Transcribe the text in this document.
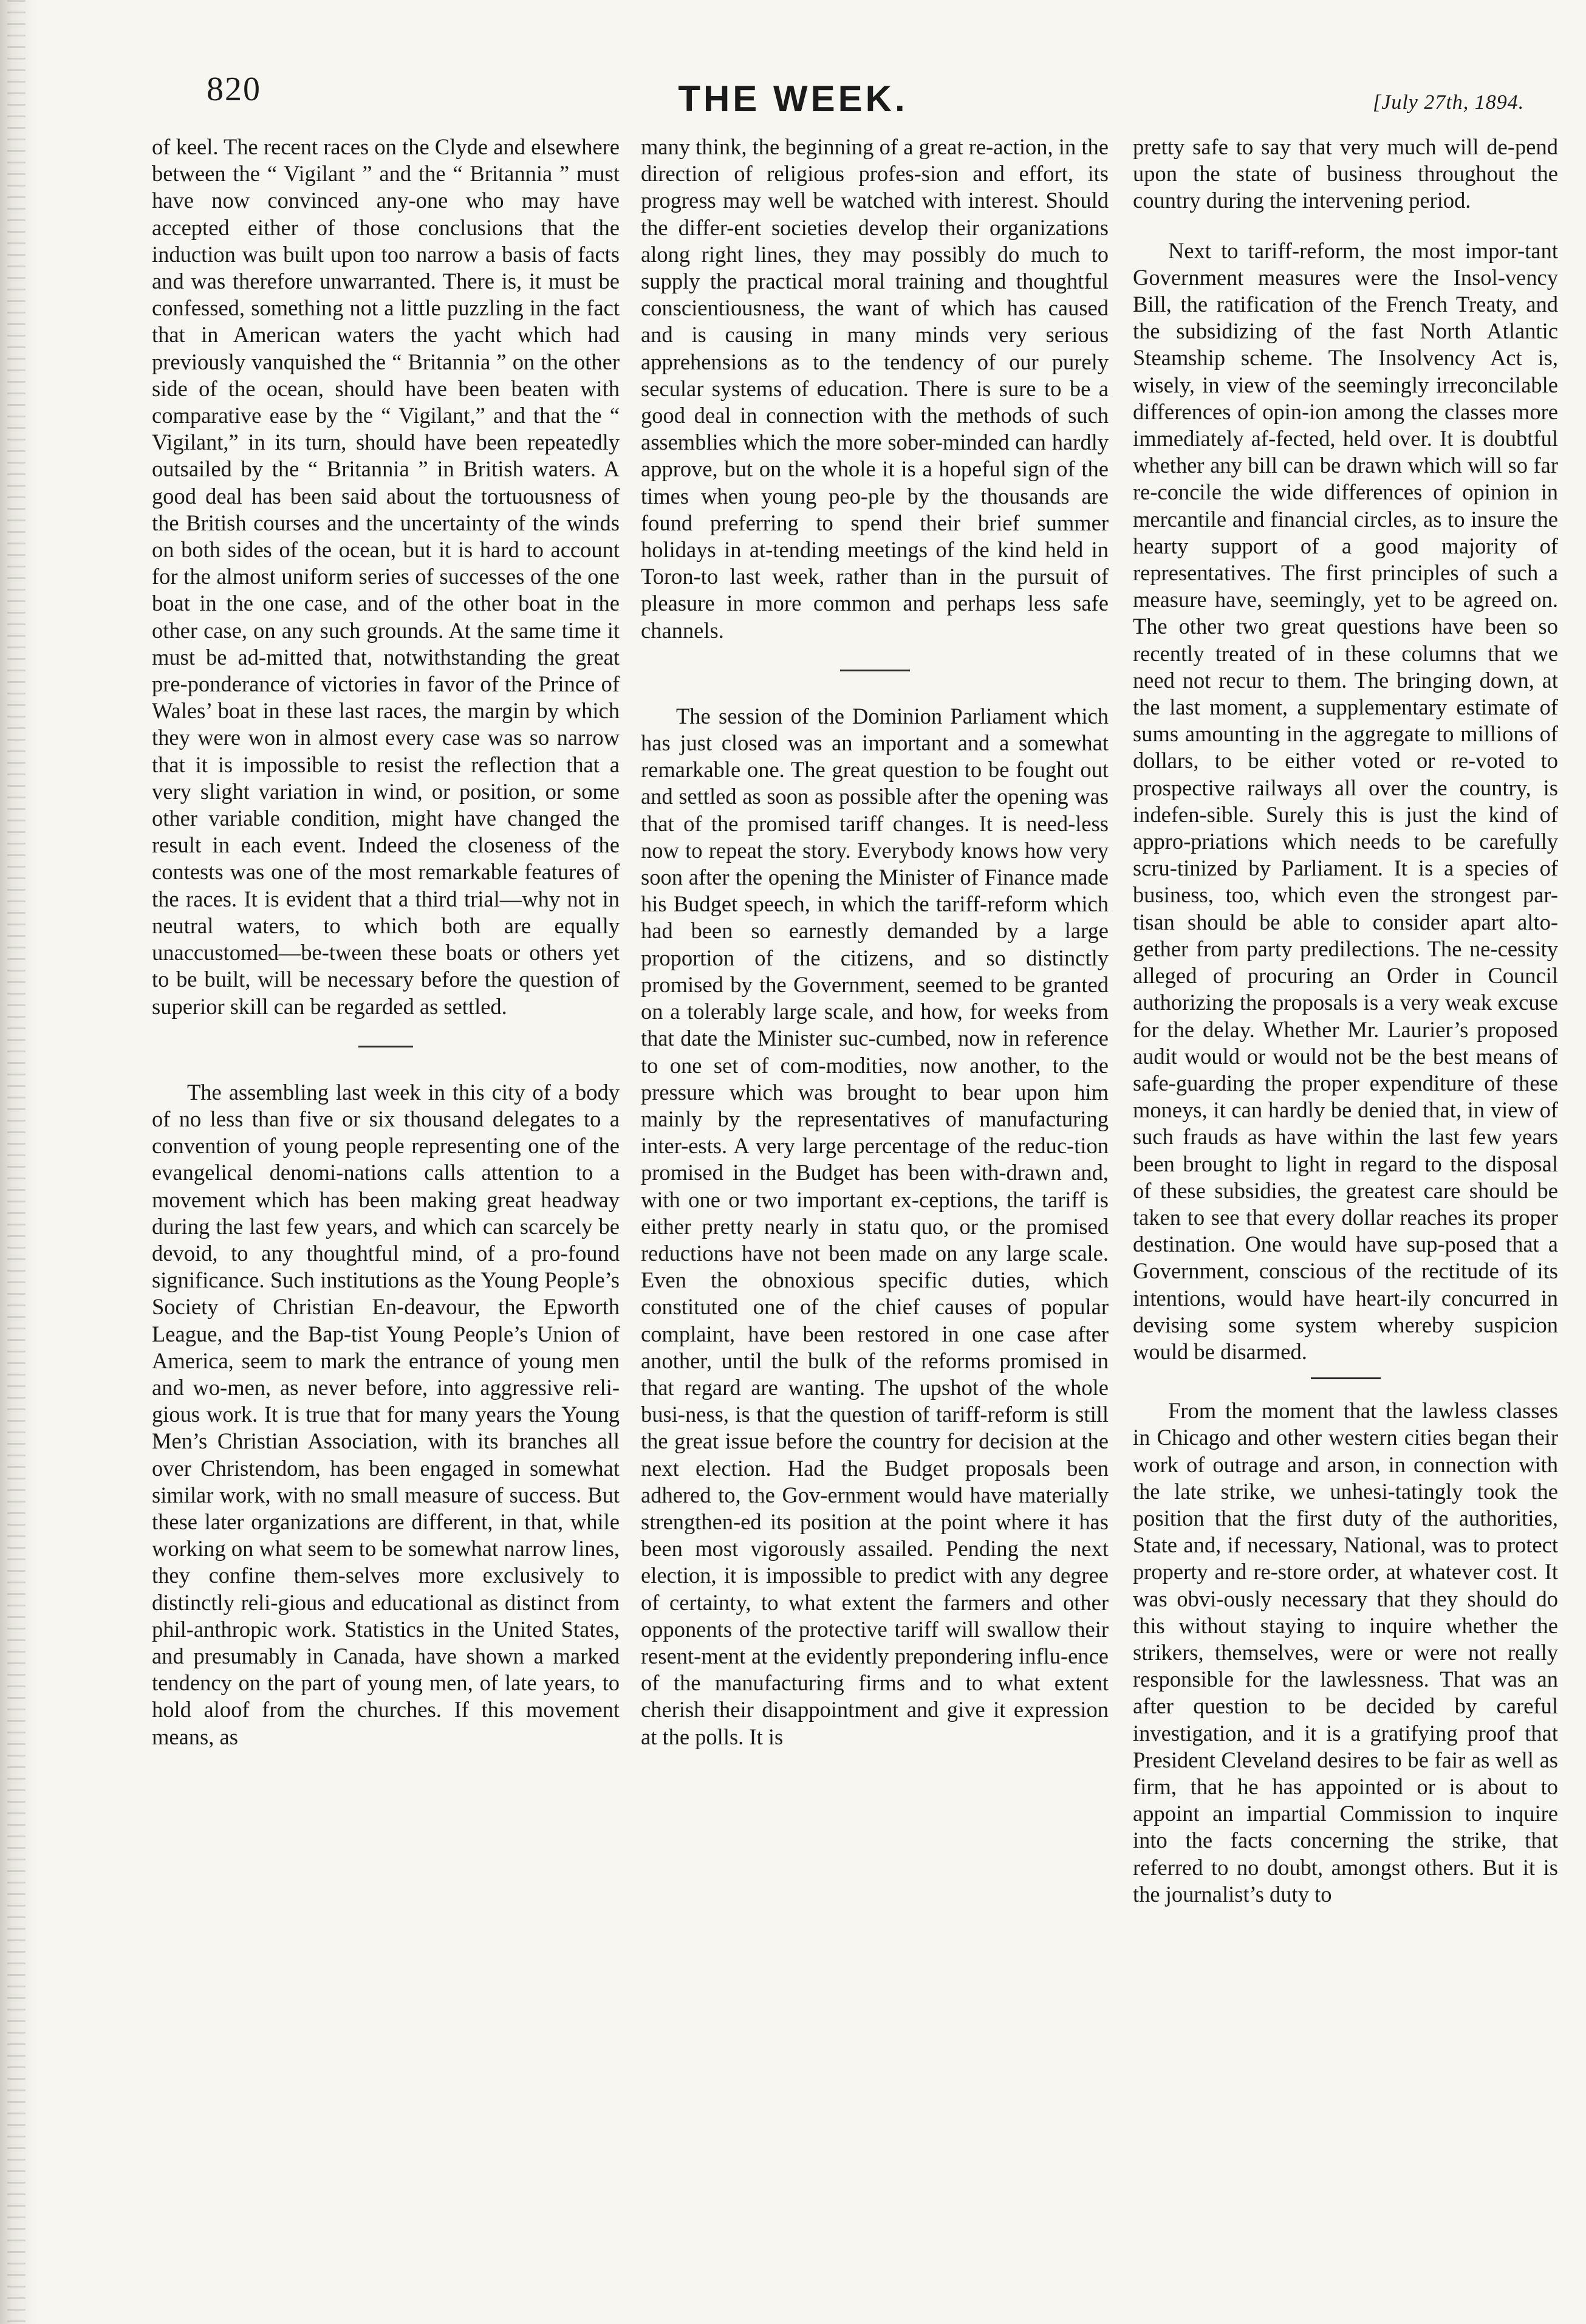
820	THE WEEK.	[July 27th, 1894.

of keel. The recent races on the Clyde and elsewhere between the “ Vigilant ” and the “ Britannia ” must have now convinced any-one who may have accepted either of those conclusions that the induction was built upon too narrow a basis of facts and was therefore unwarranted. There is, it must be confessed, something not a little puzzling in the fact that in American waters the yacht which had previously vanquished the “ Britannia ” on the other side of the ocean, should have been beaten with comparative ease by the “ Vigilant,” and that the “ Vigilant,” in its turn, should have been repeatedly outsailed by the “ Britannia ” in British waters. A good deal has been said about the tortuousness of the British courses and the uncertainty of the winds on both sides of the ocean, but it is hard to account for the almost uniform series of successes of the one boat in the one case, and of the other boat in the other case, on any such grounds. At the same time it must be ad-mitted that, notwithstanding the great pre-ponderance of victories in favor of the Prince of Wales’ boat in these last races, the margin by which they were won in almost every case was so narrow that it is impossible to resist the reflection that a very slight variation in wind, or position, or some other variable condition, might have changed the result in each event. Indeed the closeness of the contests was one of the most remarkable features of the races. It is evident that a third trial—why not in neutral waters, to which both are equally unaccustomed—be-tween these boats or others yet to be built, will be necessary before the question of superior skill can be regarded as settled.

The assembling last week in this city of a body of no less than five or six thousand delegates to a convention of young people representing one of the evangelical denomi-nations calls attention to a movement which has been making great headway during the last few years, and which can scarcely be devoid, to any thoughtful mind, of a pro-found significance. Such institutions as the Young People’s Society of Christian En-deavour, the Epworth League, and the Bap-tist Young People’s Union of America, seem to mark the entrance of young men and wo-men, as never before, into aggressive reli-gious work. It is true that for many years the Young Men’s Christian Association, with its branches all over Christendom, has been engaged in somewhat similar work, with no small measure of success. But these later organizations are different, in that, while working on what seem to be somewhat narrow lines, they confine them-selves more exclusively to distinctly reli-gious and educational as distinct from phil-anthropic work. Statistics in the United States, and presumably in Canada, have shown a marked tendency on the part of young men, of late years, to hold aloof from the churches. If this movement means, as

many think, the beginning of a great re-action, in the direction of religious profes-sion and effort, its progress may well be watched with interest. Should the differ-ent societies develop their organizations along right lines, they may possibly do much to supply the practical moral training and thoughtful conscientiousness, the want of which has caused and is causing in many minds very serious apprehensions as to the tendency of our purely secular systems of education. There is sure to be a good deal in connection with the methods of such assemblies which the more sober-minded can hardly approve, but on the whole it is a hopeful sign of the times when young peo-ple by the thousands are found preferring to spend their brief summer holidays in at-tending meetings of the kind held in Toron-to last week, rather than in the pursuit of pleasure in more common and perhaps less safe channels.

The session of the Dominion Parliament which has just closed was an important and a somewhat remarkable one. The great question to be fought out and settled as soon as possible after the opening was that of the promised tariff changes. It is need-less now to repeat the story. Everybody knows how very soon after the opening the Minister of Finance made his Budget speech, in which the tariff-reform which had been so earnestly demanded by a large proportion of the citizens, and so distinctly promised by the Government, seemed to be granted on a tolerably large scale, and how, for weeks from that date the Minister suc-cumbed, now in reference to one set of com-modities, now another, to the pressure which was brought to bear upon him mainly by the representatives of manufacturing inter-ests. A very large percentage of the reduc-tion promised in the Budget has been with-drawn and, with one or two important ex-ceptions, the tariff is either pretty nearly in statu quo, or the promised reductions have not been made on any large scale. Even the obnoxious specific duties, which constituted one of the chief causes of popular complaint, have been restored in one case after another, until the bulk of the reforms promised in that regard are wanting. The upshot of the whole busi-ness, is that the question of tariff-reform is still the great issue before the country for decision at the next election. Had the Budget proposals been adhered to, the Gov-ernment would have materially strengthen-ed its position at the point where it has been most vigorously assailed. Pending the next election, it is impossible to predict with any degree of certainty, to what extent the farmers and other opponents of the protective tariff will swallow their resent-ment at the evidently prepondering influ-ence of the manufacturing firms and to what extent cherish their disappointment and give it expression at the polls. It is

pretty safe to say that very much will de-pend upon the state of business throughout the country during the intervening period.

Next to tariff-reform, the most impor-tant Government measures were the Insol-vency Bill, the ratification of the French Treaty, and the subsidizing of the fast North Atlantic Steamship scheme. The Insolvency Act is, wisely, in view of the seemingly irreconcilable differences of opin-ion among the classes more immediately af-fected, held over. It is doubtful whether any bill can be drawn which will so far re-concile the wide differences of opinion in mercantile and financial circles, as to insure the hearty support of a good majority of representatives. The first principles of such a measure have, seemingly, yet to be agreed on. The other two great questions have been so recently treated of in these columns that we need not recur to them. The bringing down, at the last moment, a supplementary estimate of sums amounting in the aggregate to millions of dollars, to be either voted or re-voted to prospective railways all over the country, is indefen-sible. Surely this is just the kind of appro-priations which needs to be carefully scru-tinized by Parliament. It is a species of business, too, which even the strongest par-tisan should be able to consider apart alto-gether from party predilections. The ne-cessity alleged of procuring an Order in Council authorizing the proposals is a very weak excuse for the delay. Whether Mr. Laurier’s proposed audit would or would not be the best means of safe-guarding the proper expenditure of these moneys, it can hardly be denied that, in view of such frauds as have within the last few years been brought to light in regard to the disposal of these subsidies, the greatest care should be taken to see that every dollar reaches its proper destination. One would have sup-posed that a Government, conscious of the rectitude of its intentions, would have heart-ily concurred in devising some system whereby suspicion would be disarmed.

From the moment that the lawless classes in Chicago and other western cities began their work of outrage and arson, in connection with the late strike, we unhesi-tatingly took the position that the first duty of the authorities, State and, if necessary, National, was to protect property and re-store order, at whatever cost. It was obvi-ously necessary that they should do this without staying to inquire whether the strikers, themselves, were or were not really responsible for the lawlessness. That was an after question to be decided by careful investigation, and it is a gratifying proof that President Cleveland desires to be fair as well as firm, that he has appointed or is about to appoint an impartial Commission to inquire into the facts concerning the strike, that referred to no doubt, amongst others. But it is the journalist’s duty to
